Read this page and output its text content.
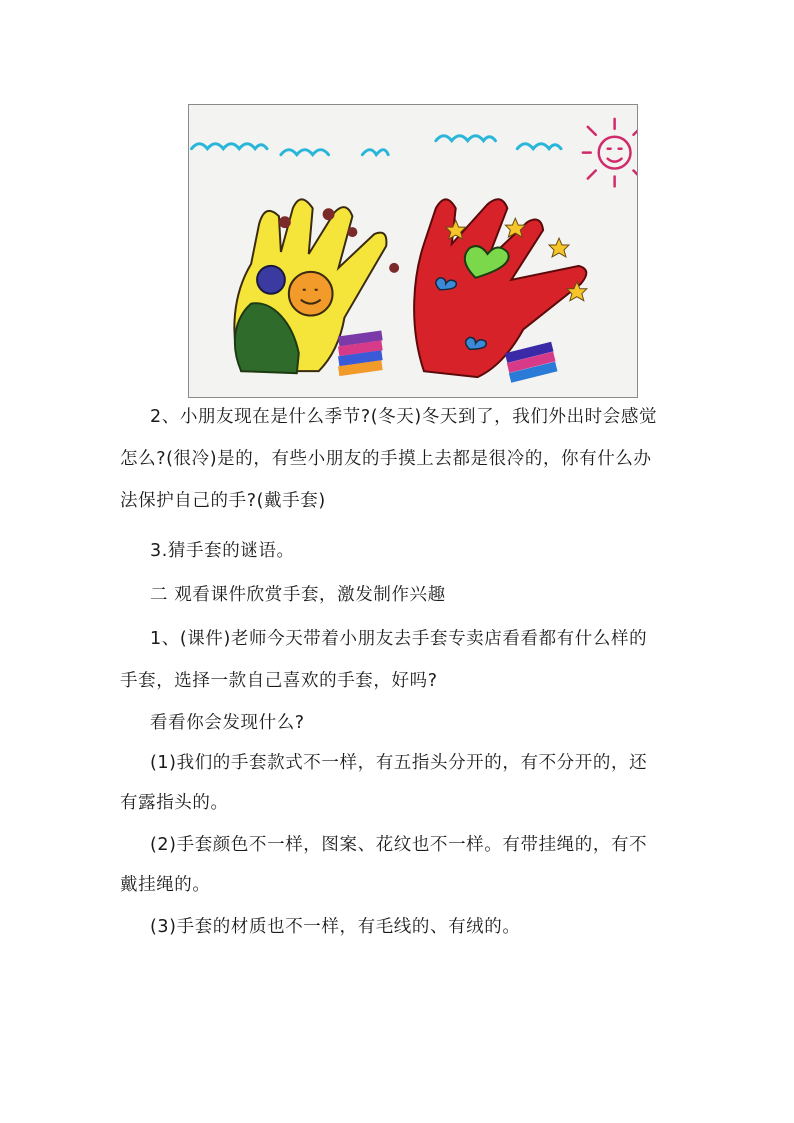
2、小朋友现在是什么季节?(冬天)冬天到了，我们外出时会感觉
怎么?(很冷)是的，有些小朋友的手摸上去都是很冷的，你有什么办
法保护自己的手?(戴手套)
3.猜手套的谜语。
二 观看课件欣赏手套，激发制作兴趣
1、(课件)老师今天带着小朋友去手套专卖店看看都有什么样的
手套，选择一款自己喜欢的手套，好吗?
看看你会发现什么?
(1)我们的手套款式不一样，有五指头分开的，有不分开的，还
有露指头的。
(2)手套颜色不一样，图案、花纹也不一样。有带挂绳的，有不
戴挂绳的。
(3)手套的材质也不一样，有毛线的、有绒的。
